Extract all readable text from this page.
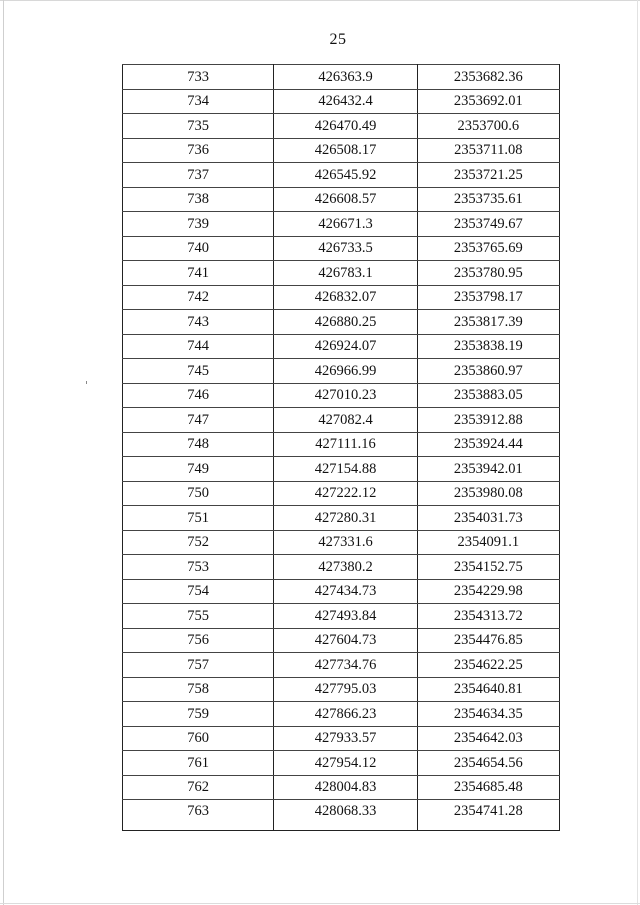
25
733	426363.9	2353682.36
734	426432.4	2353692.01
735	426470.49	2353700.6
736	426508.17	2353711.08
737	426545.92	2353721.25
738	426608.57	2353735.61
739	426671.3	2353749.67
740	426733.5	2353765.69
741	426783.1	2353780.95
742	426832.07	2353798.17
743	426880.25	2353817.39
744	426924.07	2353838.19
745	426966.99	2353860.97
746	427010.23	2353883.05
747	427082.4	2353912.88
748	427111.16	2353924.44
749	427154.88	2353942.01
750	427222.12	2353980.08
751	427280.31	2354031.73
752	427331.6	2354091.1
753	427380.2	2354152.75
754	427434.73	2354229.98
755	427493.84	2354313.72
756	427604.73	2354476.85
757	427734.76	2354622.25
758	427795.03	2354640.81
759	427866.23	2354634.35
760	427933.57	2354642.03
761	427954.12	2354654.56
762	428004.83	2354685.48
763	428068.33	2354741.28
